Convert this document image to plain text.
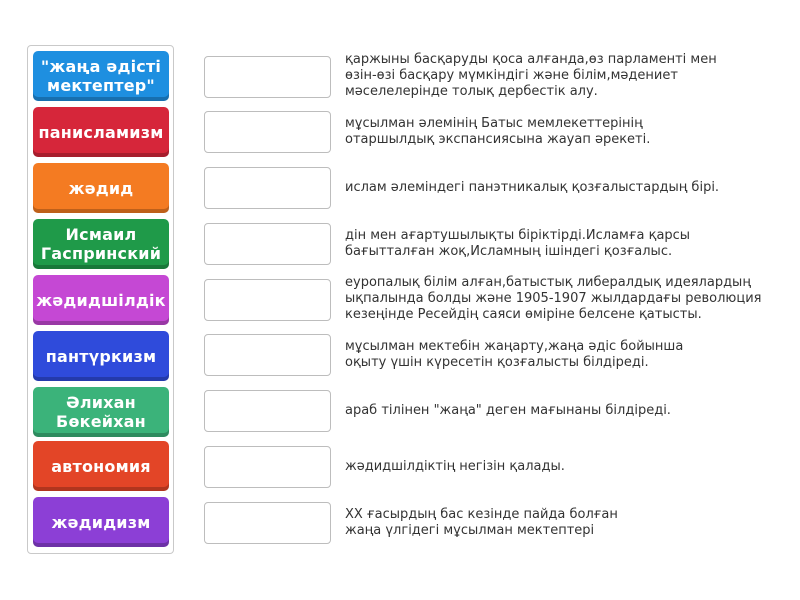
"жаңа әдісті мектептер"
панисламизм
жәдид
Исмаил Гаспринский
жәдидшілдік
пантүркизм
Әлихан Бөкейхан
автономия
жәдидизм
қаржыны басқаруды қоса алғанда,өз парламенті мен өзін-өзі басқару мүмкіндігі және білім,мәдениет мәселелерінде толық дербестік алу.
мұсылман әлемінің Батыс мемлекеттерінің отаршылдық экспансиясына жауап әрекеті.
ислам әлеміндегі панэтникалық қозғалыстардың бірі.
дін мен ағартушылықты біріктірді.Исламға қарсы бағытталған жоқ,Исламның ішіндегі қозғалыс.
еуропалық білім алған,батыстық либералдық идеялардың ықпалында болды және 1905-1907 жылдардағы революция кезеңінде Ресейдің саяси өміріне белсене қатысты.
мұсылман мектебін жаңарту,жаңа әдіс бойынша оқыту үшін күресетін қозғалысты білдіреді.
араб тілінен "жаңа" деген мағынаны білдіреді.
жәдидшілдіктің негізін қалады.
XX ғасырдың бас кезінде пайда болған жаңа үлгідегі мұсылман мектептері
